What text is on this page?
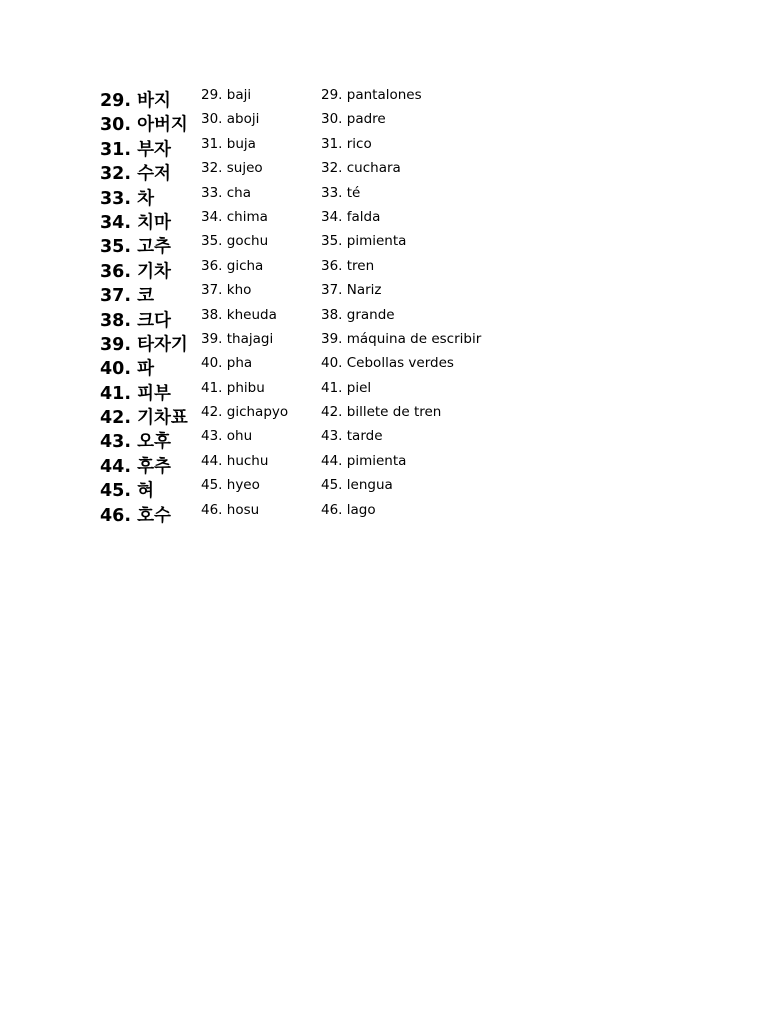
29. 바지 29. baji	29. pantalones
30. 아버지 30. aboji	30. padre
31. 부자 31. buja	31. rico
32. 수저 32. sujeo	32. cuchara
33. 차	33. cha	33. té
34. 치마 34. chima	34. falda
35. 고추 35. gochu	35. pimienta
36. 기차 36. gicha	36. tren
37. 코	37. kho	37. Nariz
38. 크다 38. kheuda	38. grande
39. 타자기 39. thajagi	39. máquina de escribir
40. 파	40. pha	40. Cebollas verdes
41. 피부 41. phibu	41. piel
42. 기차표 42. gichapyo 42. billete de tren
43. 오후 43. ohu	43. tarde
44. 후추 44. huchu	44. pimienta
45. 혀	45. hyeo	45. lengua
46. 호수 46. hosu	46. lago
